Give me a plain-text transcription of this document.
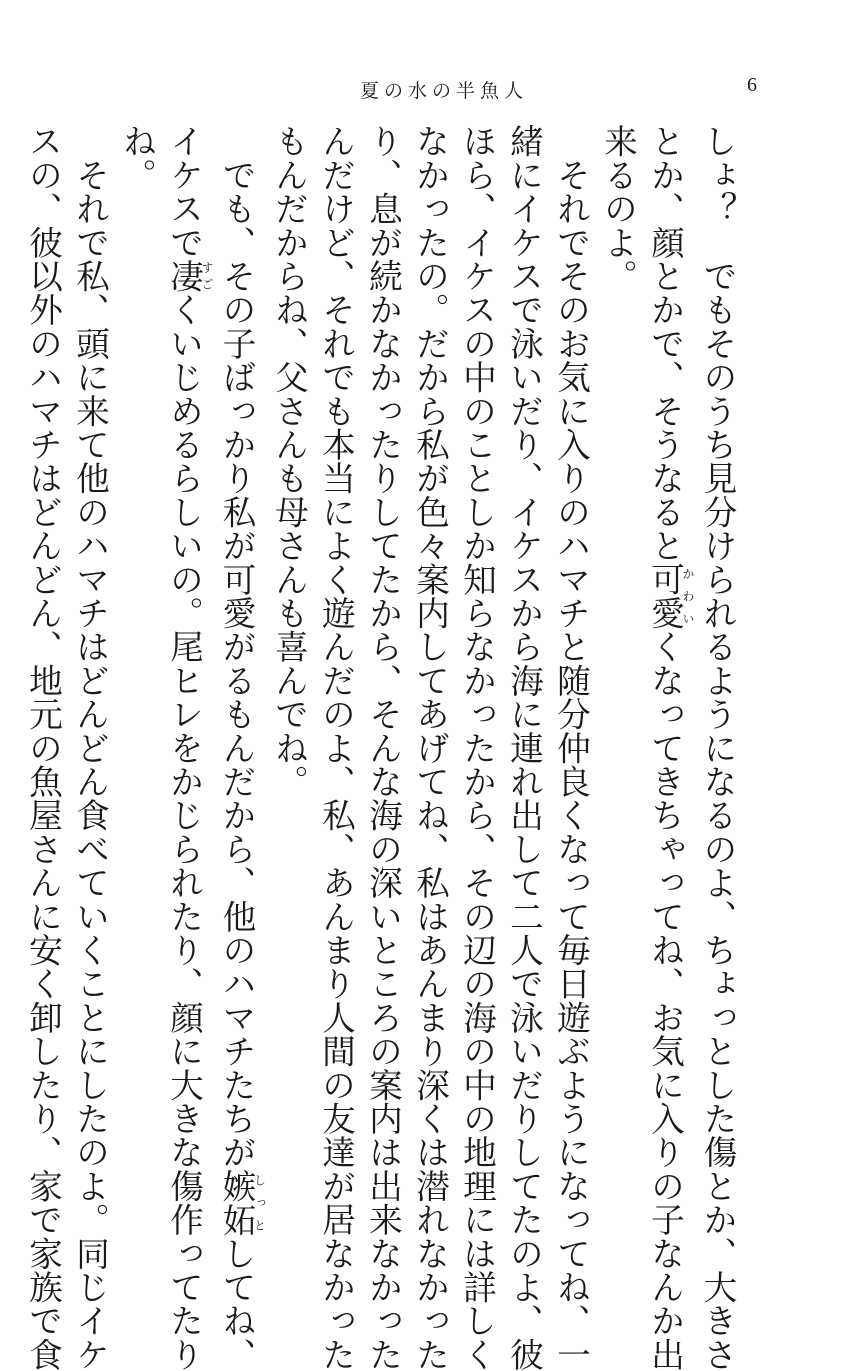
夏の水の半魚人	6

しょ？　でもそのうち見分けられるようになるのよ、ちょっとした傷とか、大きさ

とか、顔とかで、そうなると可愛かわいくなってきちゃってね、お気に入りの子なんか出

来るのよ。

　それでそのお気に入りのハマチと随分仲良くなって毎日遊ぶようになってね、一

緒にイケスで泳いだり、イケスから海に連れ出して二人で泳いだりしてたのよ、彼

ほら、イケスの中のことしか知らなかったから、その辺の海の中の地理には詳しく

なかったの。だから私が色々案内してあげてね、私はあんまり深くは潜れなかった

り、息が続かなかったりしてたから、そんな海の深いところの案内は出来なかった

んだけど、それでも本当によく遊んだのよ、私、あんまり人間の友達が居なかった

もんだからね、父さんも母さんも喜んでね。

　でも、その子ばっかり私が可愛がるもんだから、他のハマチたちが嫉妬しっとしてね、

イケスで凄すごくいじめるらしいの。尾ヒレをかじられたり、顔に大きな傷作ってたり

ね。

　それで私、頭に来て他のハマチはどんどん食べていくことにしたのよ。同じイケ

スの、彼以外のハマチはどんどん、地元の魚屋さんに安く卸したり、家で家族で食
